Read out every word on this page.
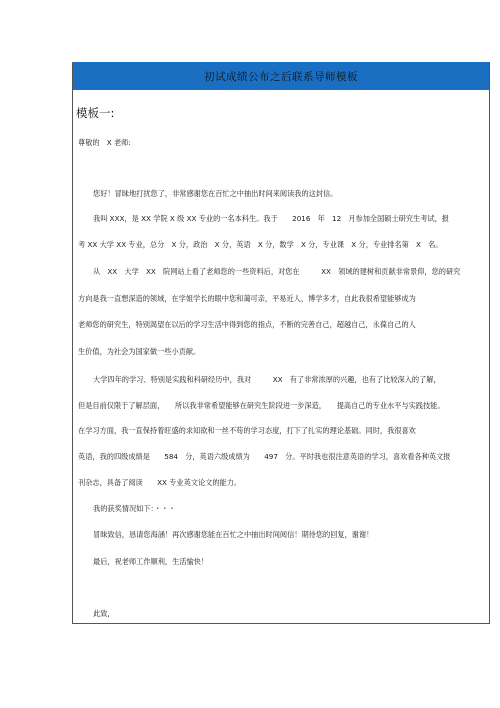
初试成绩公布之后联系导师模板
模板一:
尊敬的　X 老师:
您好！冒昧地打扰您了，非常感谢您在百忙之中抽出时间来阅读我的这封信。
我叫 XXX，是 XX 学院 X 级 XX 专业的一名本科生。我于　　2016　年　12　月参加全国硕士研究生考试，报
考 XX 大学 XX 专业，总分　X 分，政治　X 分，英语　X 分，数学　X 分，专业课　X 分，专业排名第　X　名。
从　XX　大学　XX　院网站上看了老师您的一些资料后，对您在　　　XX　领域的建树和贡献非常景仰，您的研究
方向是我一直想深造的领域，在学姐学长的眼中您和蔼可亲，平易近人，博学多才，自此我很希望能够成为
老师您的研究生，特别渴望在以后的学习生活中得到您的指点，不断的完善自己，超越自己，永葆自己的人
生价值，为社会为国家做一些小贡献。
大学四年的学习、特别是实践和科研经历中，我对　　　XX　有了非常浓厚的兴趣，也有了比较深入的了解，
但是目前仅限于了解层面，　　所以我非常希望能够在研究生阶段进一步深造，　　提高自己的专业水平与实践技能。
在学习方面，我一直保持着旺盛的求知欲和一丝不苟的学习态度，打下了扎实的理论基础。同时，我很喜欢
英语，我的四级成绩是　　584　分，英语六级成绩为　　497　分。平时我也很注意英语的学习，喜欢看各种英文报
刊杂志，具备了阅读　　XX 专业英文论文的能力。
我的获奖情况如下：・・・
冒昧致信，恳请您海涵！再次感谢您能在百忙之中抽出时间阅信！期待您的回复，谢谢！
最后，祝老师工作顺利，生活愉快！
此致，
